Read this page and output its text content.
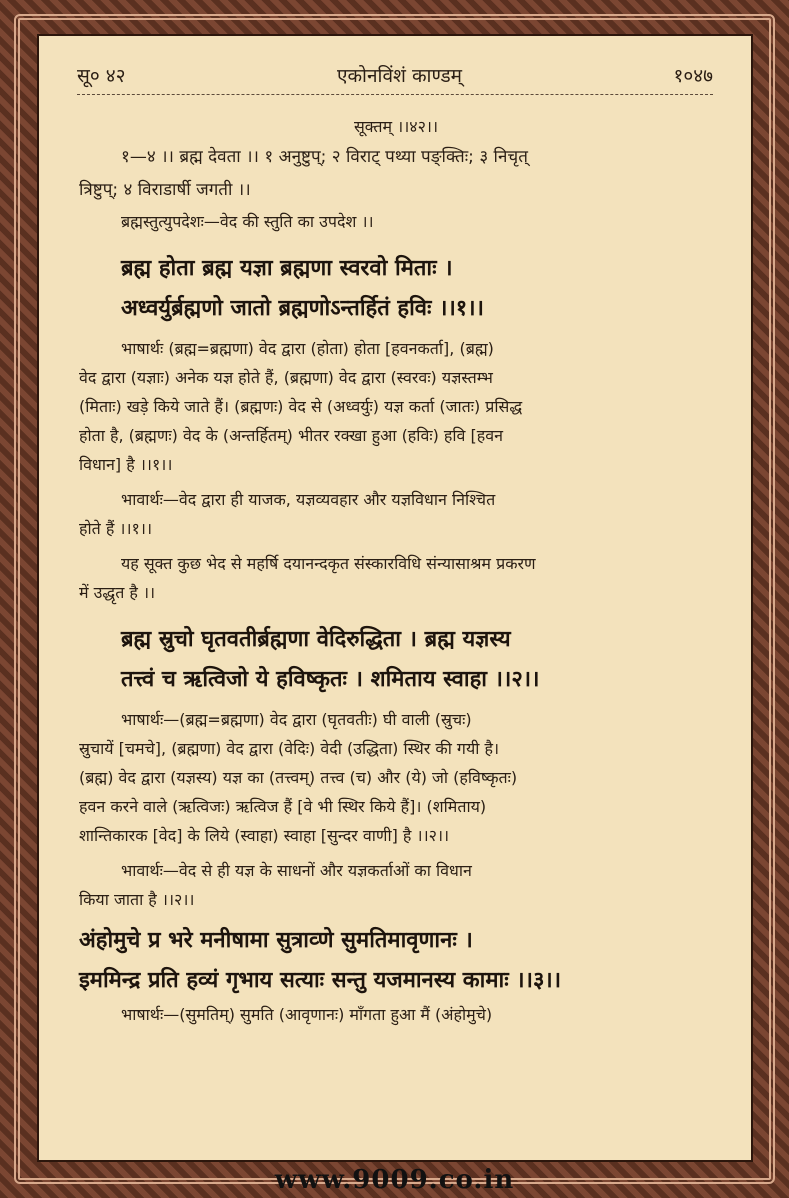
सू० ४२	एकोनविंशं काण्डम्	१०४७
सूक्तम् ।।४२।।
१—४ ।। ब्रह्म देवता ।। १ अनुष्टुप्; २ विराट् पथ्या पङ्क्तिः; ३ निचृत्
त्रिष्टुप्; ४ विराडार्षी जगती ।।
ब्रह्मस्तुत्युपदेशः—वेद की स्तुति का उपदेश ।।
ब्रह्म होता ब्रह्म यज्ञा ब्रह्मणा स्वरवो मिताः ।
अध्वर्युर्ब्रह्मणो जातो ब्रह्मणोऽन्तर्हितं हविः ।।१।।
भाषार्थः (ब्रह्म=ब्रह्मणा) वेद द्वारा (होता) होता [हवनकर्ता], (ब्रह्म)
वेद द्वारा (यज्ञाः) अनेक यज्ञ होते हैं, (ब्रह्मणा) वेद द्वारा (स्वरवः) यज्ञस्तम्भ
(मिताः) खड़े किये जाते हैं। (ब्रह्मणः) वेद से (अध्वर्युः) यज्ञ कर्ता (जातः) प्रसिद्ध
होता है, (ब्रह्मणः) वेद के (अन्तर्हितम्) भीतर रक्खा हुआ (हविः) हवि [हवन
विधान] है ।।१।।
भावार्थः—वेद द्वारा ही याजक, यज्ञव्यवहार और यज्ञविधान निश्चित
होते हैं ।।१।।
यह सूक्त कुछ भेद से महर्षि दयानन्दकृत संस्कारविधि संन्यासाश्रम प्रकरण
में उद्धृत है ।।
ब्रह्म स्रुचो घृतवतीर्ब्रह्मणा वेदिरुद्धिता । ब्रह्म यज्ञस्य
तत्त्वं च ऋत्विजो ये हविष्कृतः । शमिताय स्वाहा ।।२।।
भाषार्थः—(ब्रह्म=ब्रह्मणा) वेद द्वारा (घृतवतीः) घी वाली (स्रुचः)
स्रुचायें [चमचे], (ब्रह्मणा) वेद द्वारा (वेदिः) वेदी (उद्धिता) स्थिर की गयी है।
(ब्रह्म) वेद द्वारा (यज्ञस्य) यज्ञ का (तत्त्वम्) तत्त्व (च) और (ये) जो (हविष्कृतः)
हवन करने वाले (ऋत्विजः) ऋत्विज हैं [वे भी स्थिर किये हैं]। (शमिताय)
शान्तिकारक [वेद] के लिये (स्वाहा) स्वाहा [सुन्दर वाणी] है ।।२।।
भावार्थः—वेद से ही यज्ञ के साधनों और यज्ञकर्ताओं का विधान
किया जाता है ।।२।।
अंहोमुचे प्र भरे मनीषामा सुत्राव्णे सुमतिमावृणानः ।
इममिन्द्र प्रति हव्यं गृभाय सत्याः सन्तु यजमानस्य कामाः ।।३।।
भाषार्थः—(सुमतिम्) सुमति (आवृणानः) माँगता हुआ मैं (अंहोमुचे)
www.9009.co.in
